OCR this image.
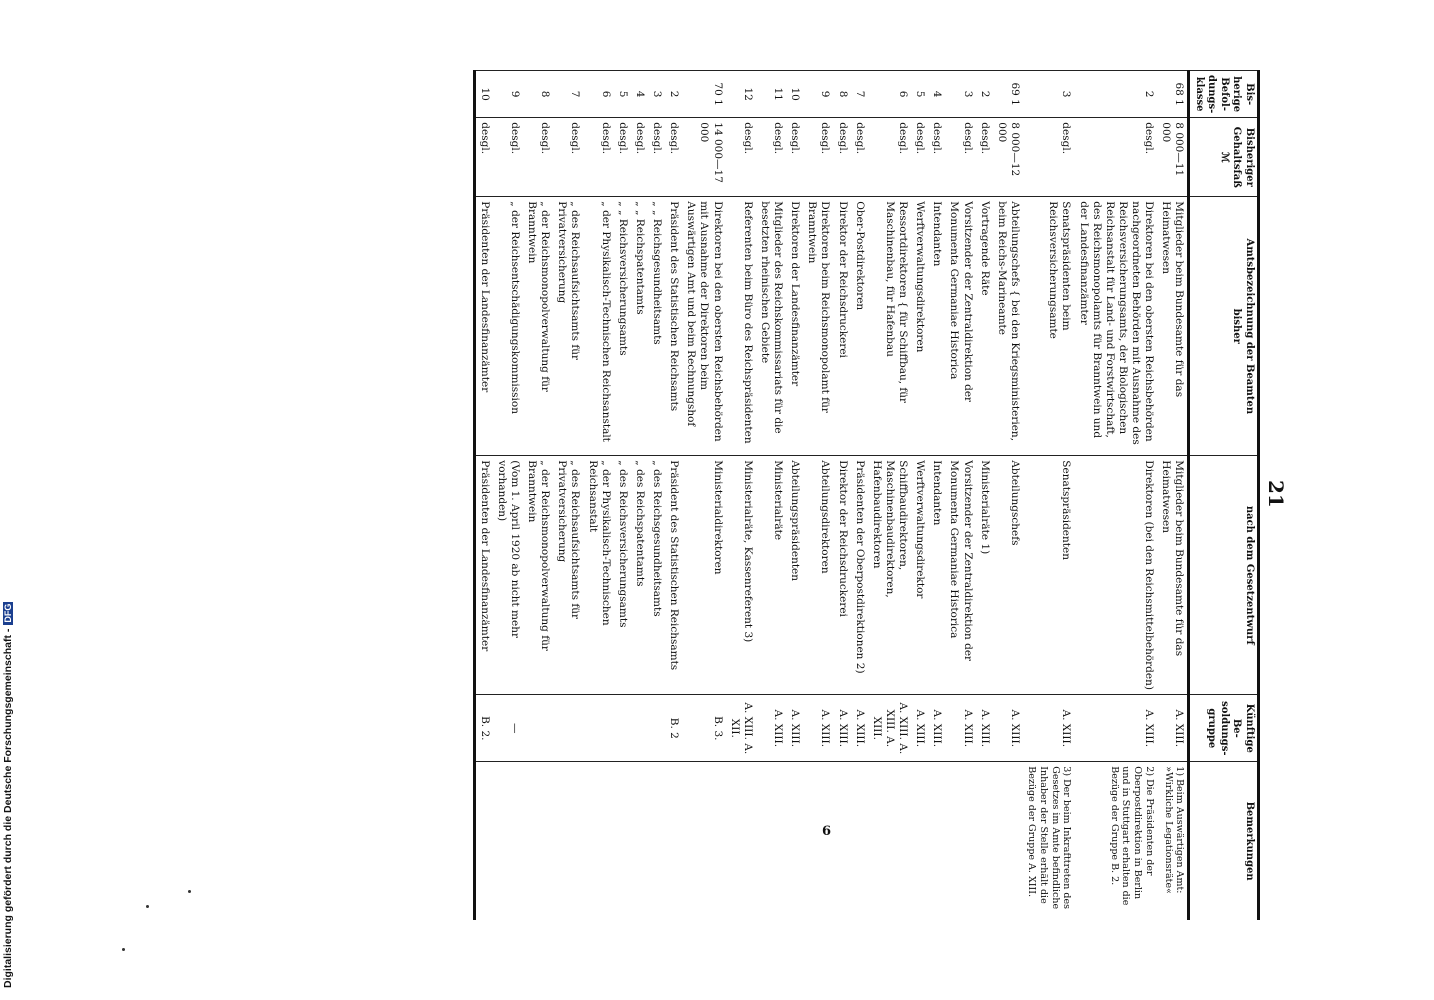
Digitalisierung gefördert durch die Deutsche Forschungsgemeinschaft -DFG
6
21
Bis-herige Befol-dungs-klasse	Bisheriger Gehaltsfaß ℳ	Amtsbezeichnung der Beamten
bisher	nach dem Gesetzentwurf	Künftige Be-soldungs-gruppe	Bemerkungen
68 1	8 000—11 000	Mitglieder beim Bundesamte für das Heimatwesen	Mitglieder beim Bundesamte für das Heimatwesen	A. XIII.	1) Beim Auswärtigen Amt: »Wirkliche Legationsräte«
2	desgl.	Direktoren bei den obersten Reichsbehörden nachgeordneten Behörden mit Ausnahme des Reichsversicherungsamts, der Biologischen Reichsanstalt für Land- und Forstwirtschaft, des Reichsmonopolamts für Branntwein und der Landesfinanzämter	Direktoren (bei den Reichsmittelbehörden)	A. XIII.	2) Die Präsidenten der Oberpostdirektion in Berlin und in Stuttgart erhalten die Bezüge der Gruppe B. 2.
3	desgl.	Senatspräsidenten beim Reichsversicherungsamte	Senatspräsidenten	A. XIII.	3) Der beim Inkrafttreten des Gesetzes im Amte befindliche Inhaber der Stelle erhält die Bezüge der Gruppe A. XIII.
69 1	8 000—12 000	Abteilungschefs { bei den Kriegsministerien, beim Reichs-Marineamte	Abteilungschefs	A. XIII.	
2	desgl.	Vortragende Räte	Ministerialräte 1)	A. XIII.	
3	desgl.	Vorsitzender der Zentraldirektion der Monumenta Germaniae Historica	Vorsitzender der Zentraldirektion der Monumenta Germaniae Historica	A. XIII.	
4	desgl.	Intendanten	Intendanten	A. XIII.	
5	desgl.	Werftverwaltungsdirektoren	Werftverwaltungsdirektor	A. XIII.	
6	desgl.	Ressortdirektoren { für Schiffbau, für Maschinenbau, für Hafenbau	Schiffbaudirektoren, Maschinenbaudirektoren, Hafenbaudirektoren	A. XIII. A. XIII. A. XIII.	
7	desgl.	Ober-Postdirektoren	Präsidenten der Oberpostdirektionen 2)	A. XIII.	
8	desgl.	Direktor der Reichsdruckerei	Direktor der Reichsdruckerei	A. XIII.	
9	desgl.	Direktoren beim Reichsmonopolamt für Branntwein	Abteilungsdirektoren	A. XIII.	
10	desgl.	Direktoren der Landesfinanzämter	Abteilungspräsidenten	A. XIII.	
11	desgl.	Mitglieder des Reichskommissariats für die besetzten rheinischen Gebiete	Ministerialräte	A. XIII.	
12	desgl.	Referenten beim Büro des Reichspräsidenten	Ministerialräte, Kassenreferent 3)	A. XIII. A. XII.	
70 1	14 000—17 000	Direktoren bei den obersten Reichsbehörden mit Ausnahme der Direktoren beim Auswärtigen Amt und beim Rechnungshof	Ministerialdirektoren	B. 3.	
2	desgl.	Präsident des Statistischen Reichsamts	Präsident des Statistischen Reichsamts	B. 2	
3	desgl.	„ „ Reichsgesundheitsamts	„ des Reichsgesundheitsamts		
4	desgl.	„ „ Reichspatentamts	„ des Reichspatentamts		
5	desgl.	„ „ Reichsversicherungsamts	„ des Reichsversicherungsamts		
6	desgl.	„ der Physikalisch-Technischen Reichsanstalt	„ der Physikalisch-Technischen Reichsanstalt		
7	desgl.	„ des Reichsaufsichtsamts für Privatversicherung	„ des Reichsaufsichtsamts für Privatversicherung		
8	desgl.	„ der Reichsmonopolverwaltung für Branntwein	„ der Reichsmonopolverwaltung für Branntwein		
9	desgl.	„ der Reichsentschädigungskommission	(Vom 1. April 1920 ab nicht mehr vorhanden)	—	
10	desgl.	Präsidenten der Landesfinanzämter	Präsidenten der Landesfinanzämter	B. 2.	
